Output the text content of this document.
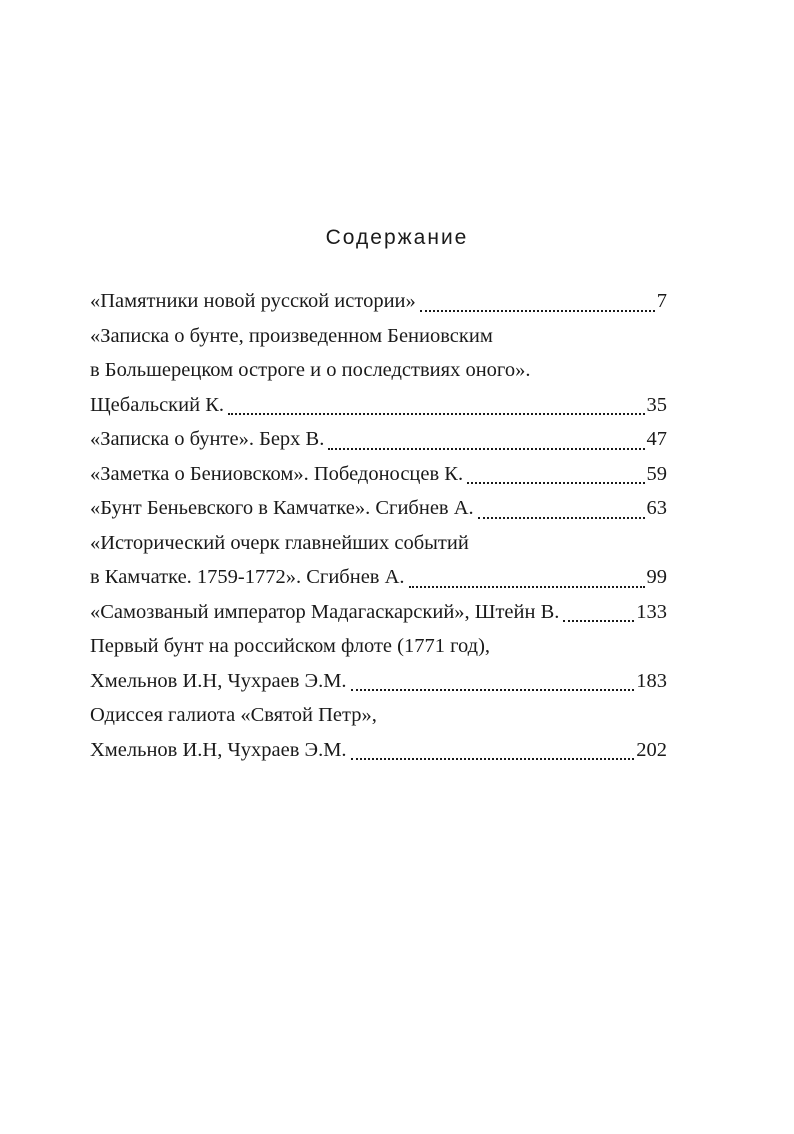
Содержание
«Памятники новой русской истории»	7
«Записка о бунте, произведенном Бениовским
в Большерецком остроге и о последствиях оного».
Щебальский К.	35
«Записка о бунте». Берх В.	47
«Заметка о Бениовском». Победоносцев К.	59
«Бунт Беньевского в Камчатке». Сгибнев А.	63
«Исторический очерк главнейших событий
в Камчатке. 1759-1772». Сгибнев А.	99
«Самозваный император Мадагаскарский», Штейн В.	133
Первый бунт на российском флоте (1771 год),
Хмельнов И.Н, Чухраев Э.М.	183
Одиссея галиота «Святой Петр»,
Хмельнов И.Н, Чухраев Э.М.	202
